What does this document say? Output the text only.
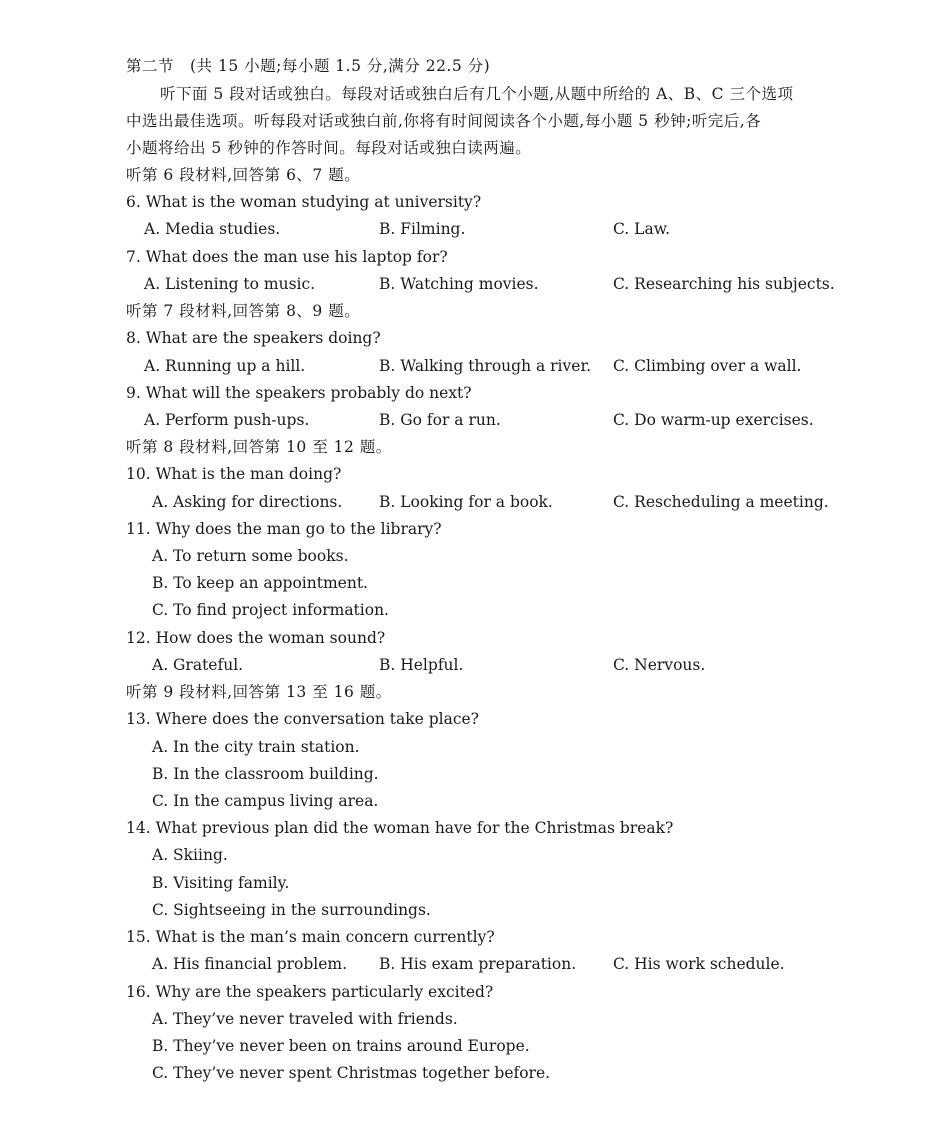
第二节　(共 15 小题;每小题 1.5 分,满分 22.5 分)
听下面 5 段对话或独白。每段对话或独白后有几个小题,从题中所给的 A、B、C 三个选项
中选出最佳选项。听每段对话或独白前,你将有时间阅读各个小题,每小题 5 秒钟;听完后,各
小题将给出 5 秒钟的作答时间。每段对话或独白读两遍。
听第 6 段材料,回答第 6、7 题。
6. What is the woman studying at university?
A. Media studies.	B. Filming.	C. Law.
7. What does the man use his laptop for?
A. Listening to music.	B. Watching movies.	C. Researching his subjects.
听第 7 段材料,回答第 8、9 题。
8. What are the speakers doing?
A. Running up a hill.	B. Walking through a river. C. Climbing over a wall.
9. What will the speakers probably do next?
A. Perform push-ups.	B. Go for a run.	C. Do warm-up exercises.
听第 8 段材料,回答第 10 至 12 题。
10. What is the man doing?
A. Asking for directions. B. Looking for a book.	C. Rescheduling a meeting.
11. Why does the man go to the library?
A. To return some books.
B. To keep an appointment.
C. To find project information.
12. How does the woman sound?
A. Grateful.	B. Helpful.	C. Nervous.
听第 9 段材料,回答第 13 至 16 题。
13. Where does the conversation take place?
A. In the city train station.
B. In the classroom building.
C. In the campus living area.
14. What previous plan did the woman have for the Christmas break?
A. Skiing.
B. Visiting family.
C. Sightseeing in the surroundings.
15. What is the man’s main concern currently?
A. His financial problem. B. His exam preparation. C. His work schedule.
16. Why are the speakers particularly excited?
A. They’ve never traveled with friends.
B. They’ve never been on trains around Europe.
C. They’ve never spent Christmas together before.
